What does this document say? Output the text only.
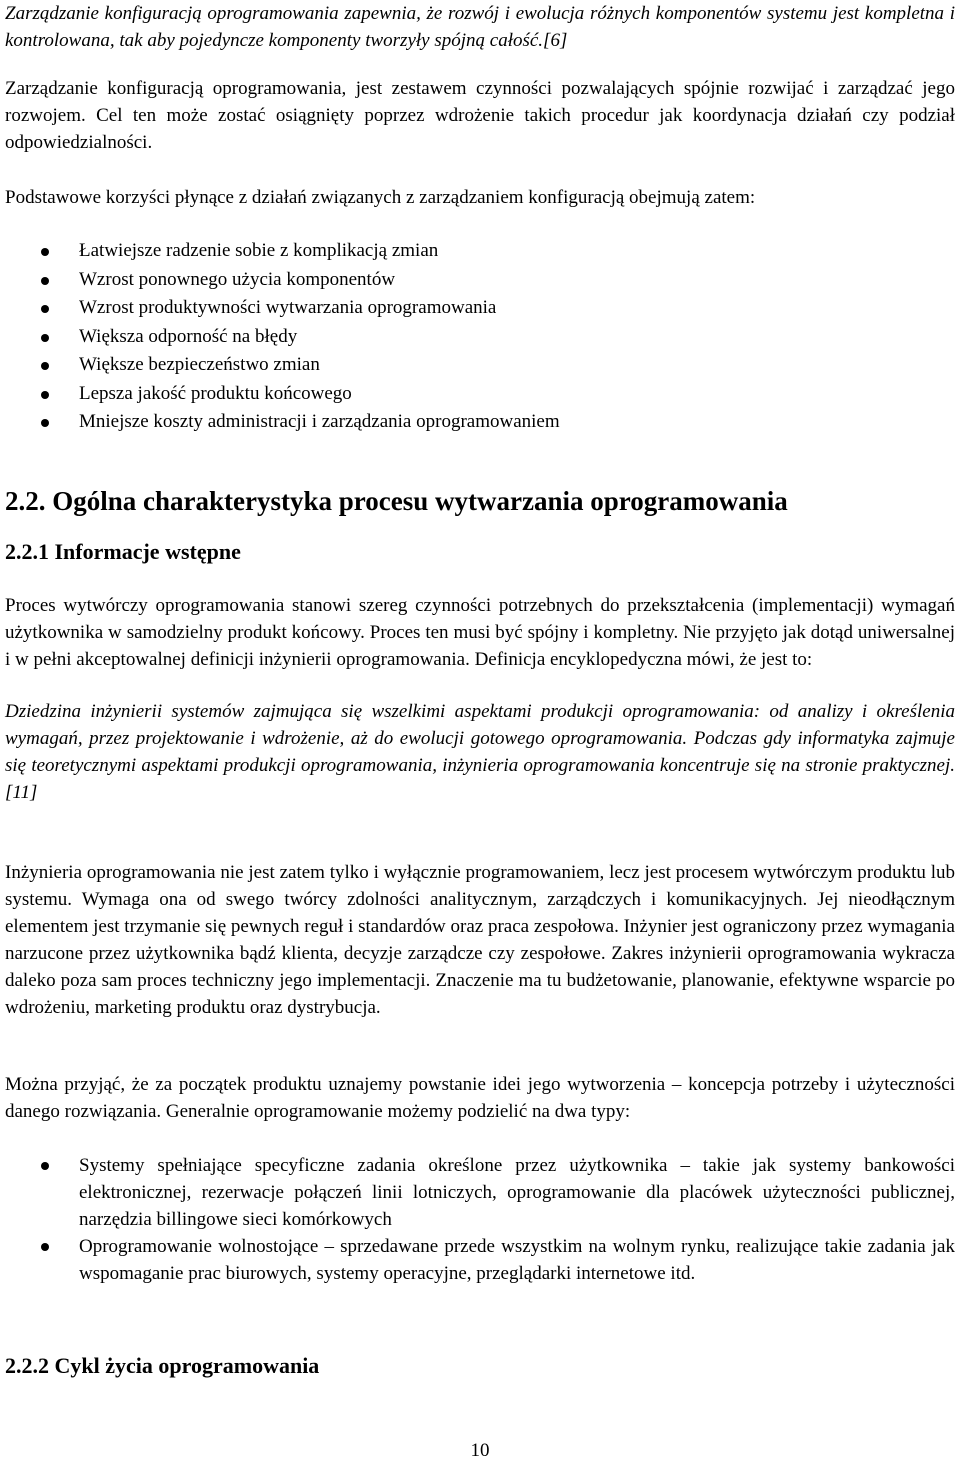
Zarządzanie konfiguracją oprogramowania zapewnia, że rozwój i ewolucja różnych komponentów systemu jest kompletna i kontrolowana, tak aby pojedyncze komponenty tworzyły spójną całość.[6]

Zarządzanie konfiguracją oprogramowania, jest zestawem czynności pozwalających spójnie rozwijać i zarządzać jego rozwojem. Cel ten może zostać osiągnięty poprzez wdrożenie takich procedur jak koordynacja działań czy podział odpowiedzialności.

Podstawowe korzyści płynące z działań związanych z zarządzaniem konfiguracją obejmują zatem:

Łatwiejsze radzenie sobie z komplikacją zmian
Wzrost ponownego użycia komponentów
Wzrost produktywności wytwarzania oprogramowania
Większa odporność na błędy
Większe bezpieczeństwo zmian
Lepsza jakość produktu końcowego
Mniejsze koszty administracji i zarządzania oprogramowaniem
2.2. Ogólna charakterystyka procesu wytwarzania oprogramowania
2.2.1 Informacje wstępne

Proces wytwórczy oprogramowania stanowi szereg czynności potrzebnych do przekształcenia (implementacji) wymagań użytkownika w samodzielny produkt końcowy. Proces ten musi być spójny i kompletny. Nie przyjęto jak dotąd uniwersalnej i w pełni akceptowalnej definicji inżynierii oprogramowania. Definicja encyklopedyczna mówi, że jest to:

Dziedzina inżynierii systemów zajmująca się wszelkimi aspektami produkcji oprogramowania: od analizy i określenia wymagań, przez projektowanie i wdrożenie, aż do ewolucji gotowego oprogramowania. Podczas gdy informatyka zajmuje się teoretycznymi aspektami produkcji oprogramowania, inżynieria oprogramowania koncentruje się na stronie praktycznej.[11]

Inżynieria oprogramowania nie jest zatem tylko i wyłącznie programowaniem, lecz jest procesem wytwórczym produktu lub systemu. Wymaga ona od swego twórcy zdolności analitycznym, zarządczych i komunikacyjnych. Jej nieodłącznym elementem jest trzymanie się pewnych reguł i standardów oraz praca zespołowa. Inżynier jest ograniczony przez wymagania narzucone przez użytkownika bądź klienta, decyzje zarządcze czy zespołowe. Zakres inżynierii oprogramowania wykracza daleko poza sam proces techniczny jego implementacji. Znaczenie ma tu budżetowanie, planowanie, efektywne wsparcie po wdrożeniu, marketing produktu oraz dystrybucja.

Można przyjąć, że za początek produktu uznajemy powstanie idei jego wytworzenia – koncepcja potrzeby i użyteczności danego rozwiązania. Generalnie oprogramowanie możemy podzielić na dwa typy:

Systemy spełniające specyficzne zadania określone przez użytkownika – takie jak systemy bankowości elektronicznej, rezerwacje połączeń linii lotniczych, oprogramowanie dla placówek użyteczności publicznej, narzędzia billingowe sieci komórkowych
Oprogramowanie wolnostojące – sprzedawane przede wszystkim na wolnym rynku, realizujące takie zadania jak wspomaganie prac biurowych, systemy operacyjne, przeglądarki internetowe itd.
2.2.2 Cykl życia oprogramowania
10
